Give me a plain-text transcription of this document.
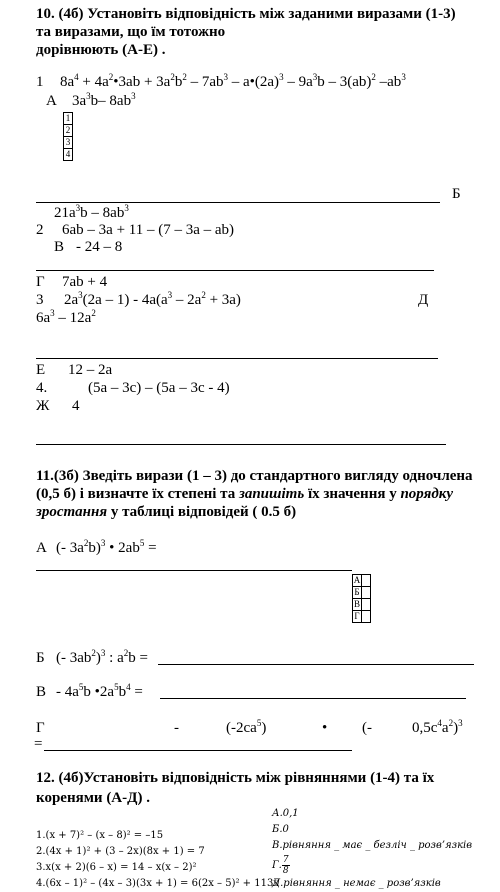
10. (4б) Установіть відповідність між заданими виразами (1-3)
та виразами, що їм тотожно
дорівнюють (А-Е) .
1 $8a^4$ + $4a^2•3ab + 3a^2b^2 - 7ab^3$ – $a•(2a)^3 - 9a^3b - 3(ab)^2$ $-ab^3$
А $3a^3b-$ $8ab^3$
1
2
3
4
Б
$21a^3b - 8ab^3$
2 6ab – 3a + 11 – (7 – 3a – ab)
В - 24 – 8
Г 7ab + 4
3 $2a^3(2a - 1) - 4a(a^3 - 2a^2 + 3a)$	Д
$6a^3 - 12a^2$
Е 12 – 2a
4.	(5a – 3c) – (5a – 3c - 4)
Ж 4
11.(3б) Зведіть вирази (1 – 3) до стандартного вигляду одночлена
(0,5 б) і визначте їх степені та запишіть їх значення у порядку
зростання у таблиці відповідей ( 0.5 б)
А (- $3a^2b)^3$ • $2ab^5$ =
А	
Б	
В	
Г	
Б (- $3ab^2)^3$ : $a^2b$ =
В - $4a^5b$ $•2a^5b^4$ =
Г	-	$(-2ca^5)$	• (-	$0,5c^4a^2)^3$
=
12. (4б)Установіть відповідність між рівняннями (1-4) та їх
коренями (А-Д) .
1.(x + 7)² – (x – 8)² = –15
2.(4x + 1)² + (3 – 2x)(8x + 1) = 7
3.x(x + 2)(6 – x) = 14 – x(x – 2)²
4.(6x – 1)² – (4x – 3)(3x + 1) = 6(2x – 5)² + 113x
А.0,1
Б.0
В.рівняння _ має _ безліч _ розв’язків
Г. $\frac{7}{8}$
Д.рівняння _ немає _ розв’язків
